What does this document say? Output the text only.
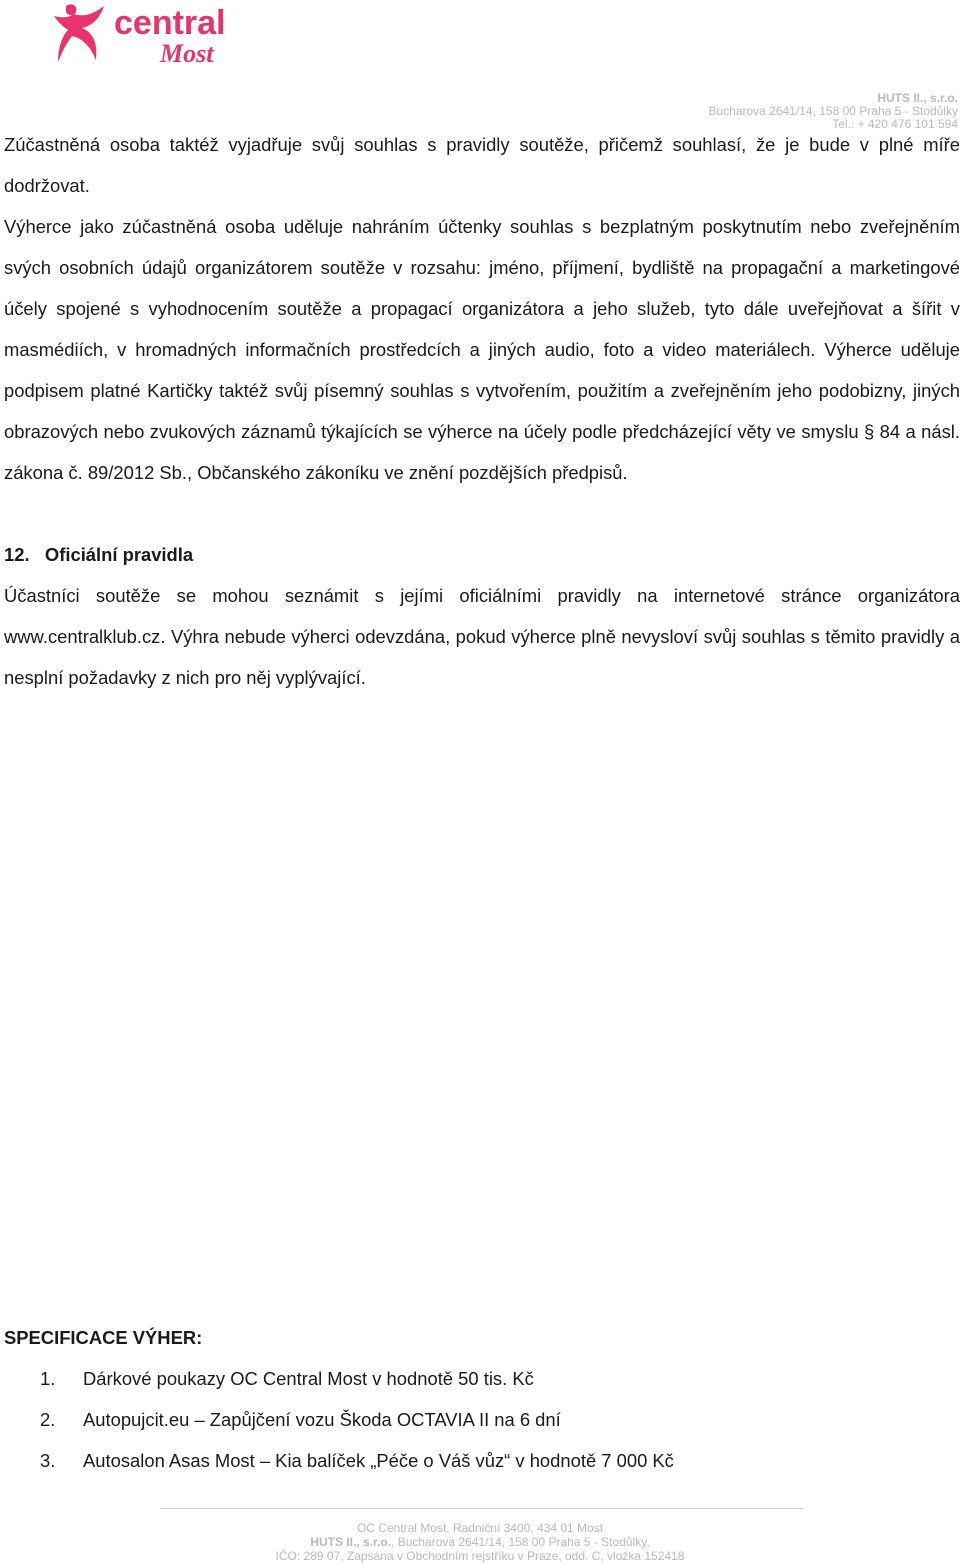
central
Most
HUTS II., s.r.o.
Bucharova 2641/14, 158 00 Praha 5 - Stodůlky
Tel.: + 420 476 101 594

Zúčastněná osoba taktéž vyjadřuje svůj souhlas s pravidly soutěže, přičemž souhlasí, že je bude v plné míře dodržovat.

Výherce jako zúčastněná osoba uděluje nahráním účtenky souhlas s bezplatným poskytnutím nebo zveřejněním svých osobních údajů organizátorem soutěže v rozsahu: jméno, příjmení, bydliště na propagační a marketingové účely spojené s vyhodnocením soutěže a propagací organizátora a jeho služeb, tyto dále uveřejňovat a šířit v masmédiích, v hromadných informačních prostředcích a jiných audio, foto a video materiálech. Výherce uděluje podpisem platné Kartičky taktéž svůj písemný souhlas s vytvořením, použitím a zveřejněním jeho podobizny, jiných obrazových nebo zvukových záznamů týkajících se výherce na účely podle předcházející věty ve smyslu § 84 a násl. zákona č. 89/2012 Sb., Občanského zákoníku ve znění pozdějších předpisů.

12. Oficiální pravidla

Účastníci soutěže se mohou seznámit s jejími oficiálními pravidly na internetové stránce organizátora www.centralklub.cz. Výhra nebude výherci odevzdána, pokud výherce plně nevysloví svůj souhlas s těmito pravidly a nesplní požadavky z nich pro něj vyplývající.

SPECIFICACE VÝHER:
1.	Dárkové poukazy OC Central Most v hodnotě 50 tis. Kč
2.	Autopujcit.eu – Zapůjčení vozu Škoda OCTAVIA II na 6 dní
3.	Autosalon Asas Most – Kia balíček „Péče o Váš vůz“ v hodnotě 7 000 Kč
OC Central Most, Radniční 3400, 434 01 Most
HUTS II., s.r.o., Bucharova 2641/14, 158 00 Praha 5 - Stodůlky,
IČO: 289 07, Zapsána v Obchodním rejstříku v Praze, odd. C, vložka 152418
